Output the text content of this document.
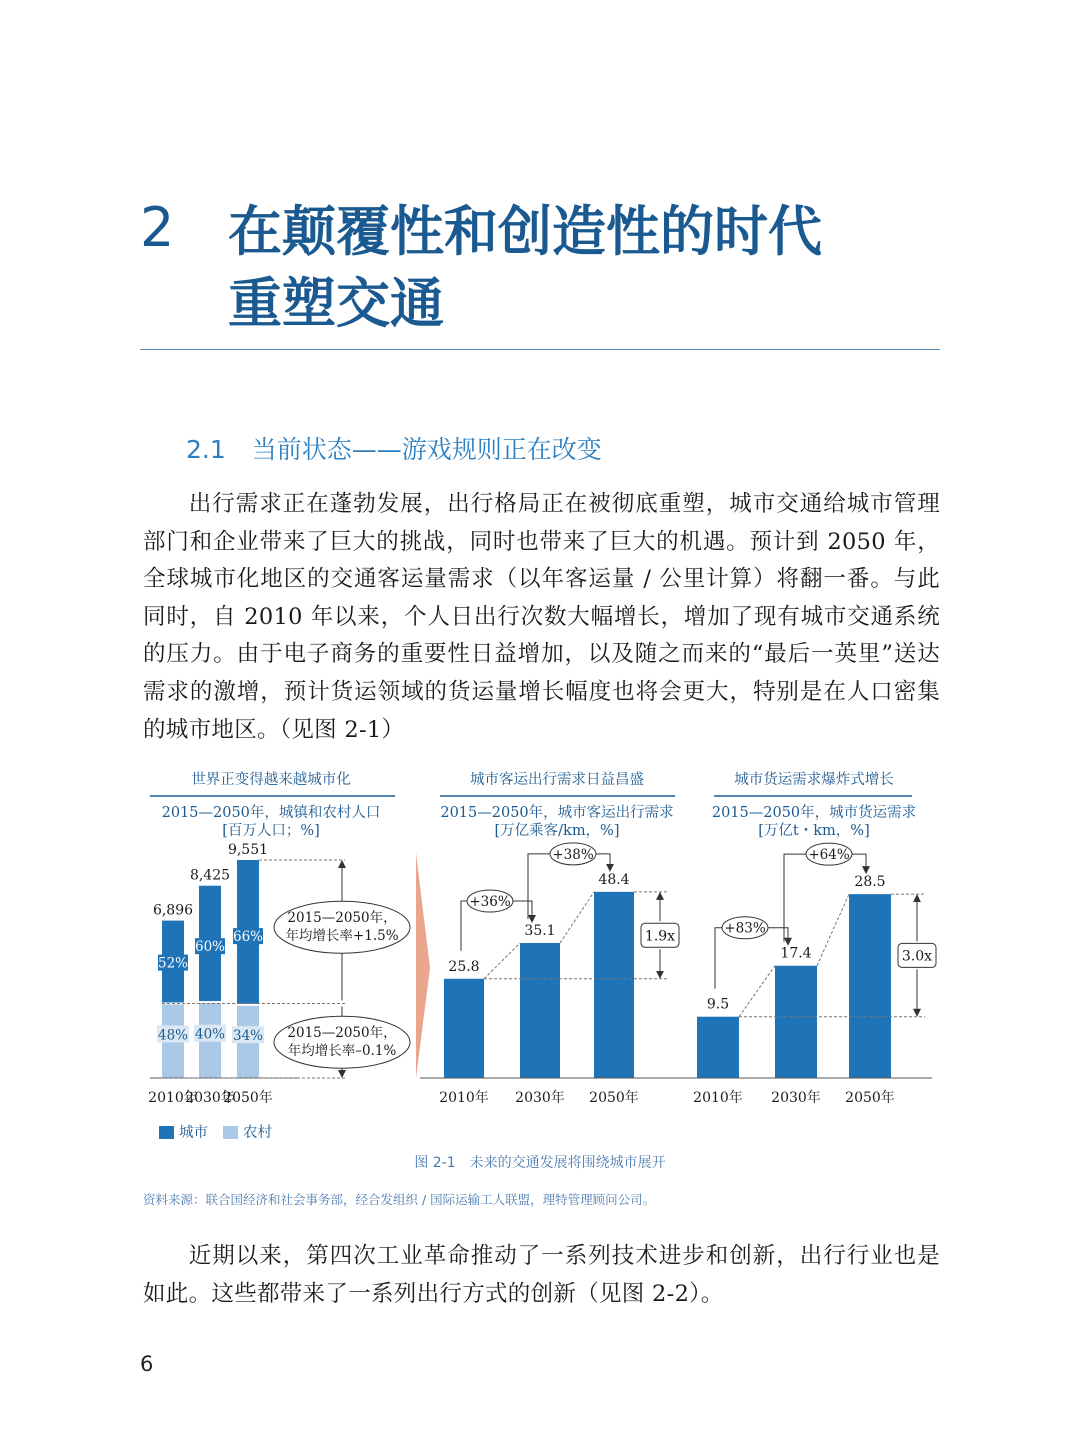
2 在颠覆性和创造性的时代
重塑交通
2.1 当前状态——游戏规则正在改变
出行需求正在蓬勃发展，出行格局正在被彻底重塑，城市交通给城市管理部门和企业带来了巨大的挑战，同时也带来了巨大的机遇。预计到 2050 年，全球城市化地区的交通客运量需求（以年客运量 / 公里计算）将翻一番。与此同时，自 2010 年以来，个人日出行次数大幅增长，增加了现有城市交通系统的压力。由于电子商务的重要性日益增加，以及随之而来的“最后一英里”送达需求的激增，预计货运领域的货运量增长幅度也将会更大，特别是在人口密集的城市地区。（见图 2-1）
世界正变得越来越城市化
2015—2050年，城镇和农村人口
[百万人口；%]
6,896
52%
48%
2010年
8,425
60%
40%
2030年
9,551
66%
34%
2050年
2015—2050年，
年均增长率+1.5%
2015—2050年，
年均增长率–0.1%
城市 农村
城市客运出行需求日益昌盛
2015—2050年，城市客运出行需求
[万亿乘客/km，%]
25.8
2010年
35.1
2030年
48.4
2050年
+36%
+38%
1.9x
城市货运需求爆炸式增长
2015—2050年，城市货运需求
[万亿t・km，%]
9.5
2010年
17.4
2030年
28.5
2050年
+83%
+64%
3.0x
图 2-1　未来的交通发展将围绕城市展开
资料来源：联合国经济和社会事务部，经合发组织 / 国际运输工人联盟，理特管理顾问公司。
近期以来，第四次工业革命推动了一系列技术进步和创新，出行行业也是如此。这些都带来了一系列出行方式的创新（见图 2-2）。
6
